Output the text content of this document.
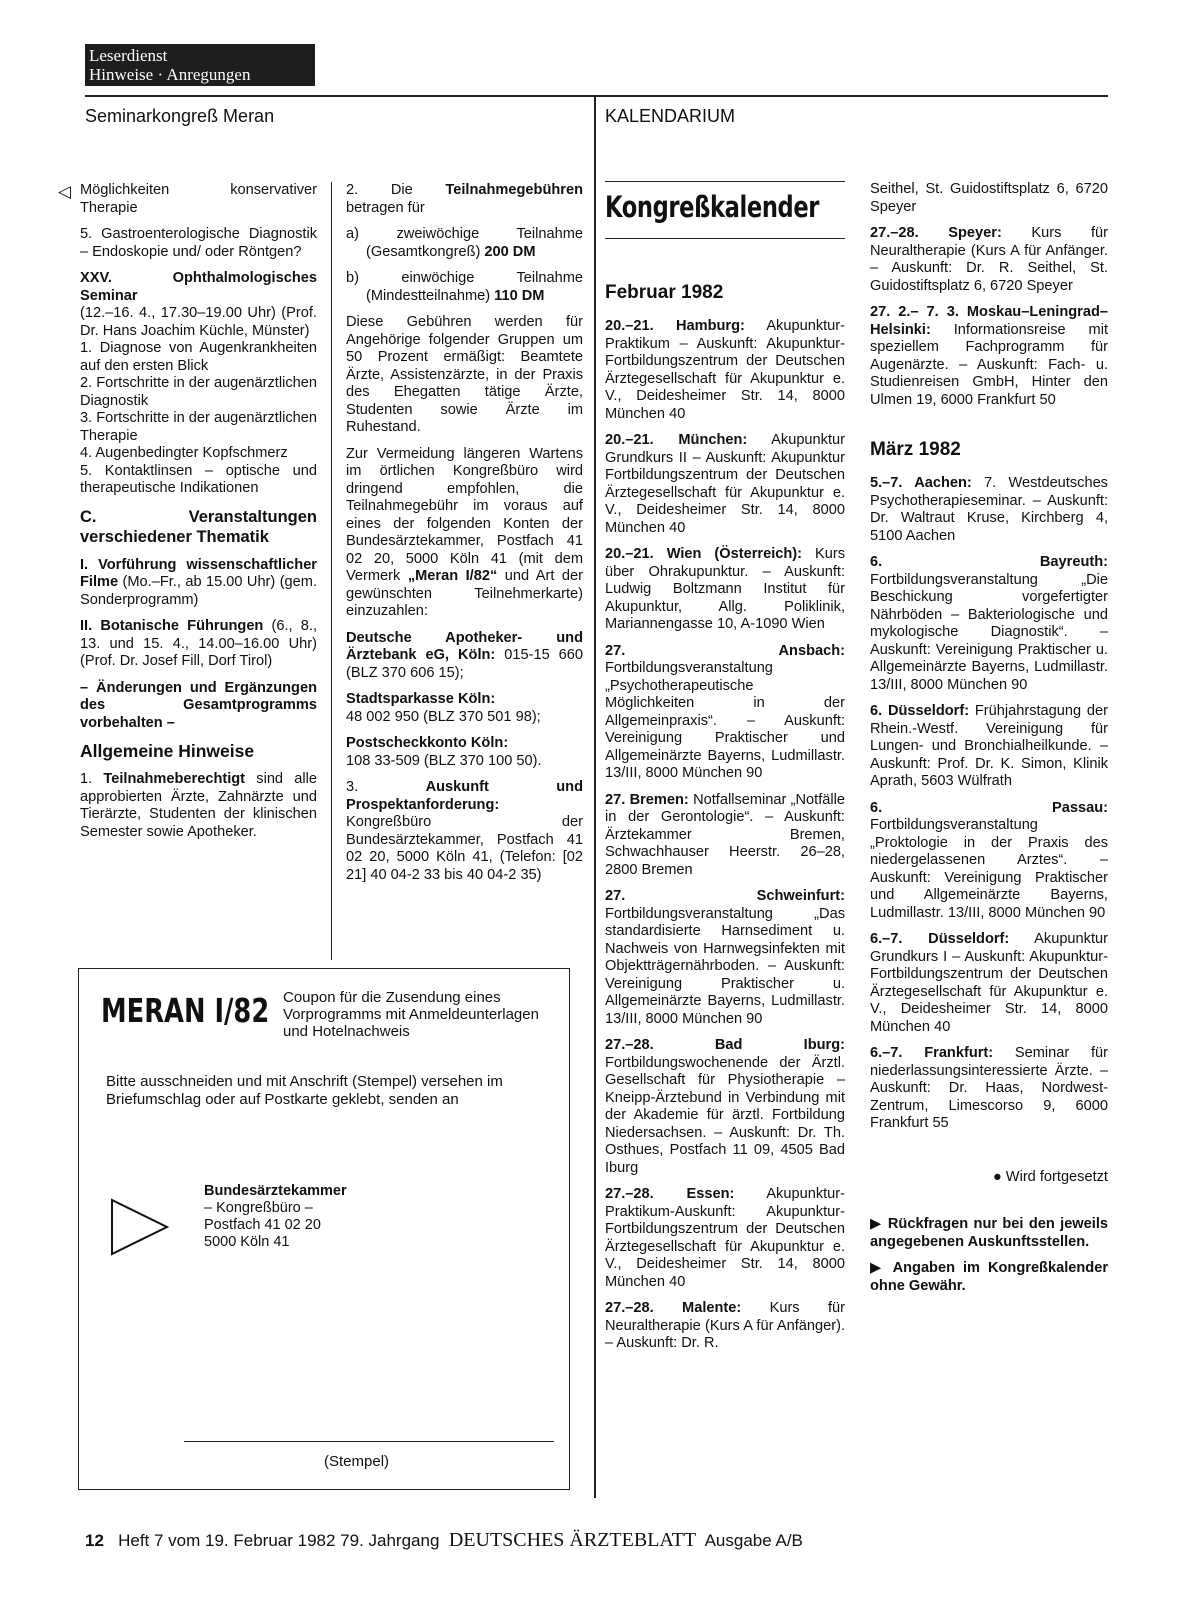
Leserdienst
Hinweise · Anregungen
Seminarkongreß Meran	KALENDARIUM

◁ Möglichkeiten konservativer Therapie

5. Gastroenterologische Diagnostik – Endoskopie und/ oder Röntgen?

XXV. Ophthalmologisches Seminar

(12.–16. 4., 17.30–19.00 Uhr) (Prof. Dr. Hans Joachim Küchle, Münster)

1. Diagnose von Augenkrankheiten auf den ersten Blick

2. Fortschritte in der augenärztlichen Diagnostik

3. Fortschritte in der augenärztlichen Therapie

4. Augenbedingter Kopfschmerz

5. Kontaktlinsen – optische und therapeutische Indikationen

C. Veranstaltungen verschiedener Thematik

I. Vorführung wissenschaftlicher Filme (Mo.–Fr., ab 15.00 Uhr) (gem. Sonderprogramm)

II. Botanische Führungen (6., 8., 13. und 15. 4., 14.00–16.00 Uhr) (Prof. Dr. Josef Fill, Dorf Tirol)

– Änderungen und Ergänzungen des Gesamtprogramms vorbehalten –

Allgemeine Hinweise

1. Teilnahmeberechtigt sind alle approbierten Ärzte, Zahnärzte und Tierärzte, Studenten der klinischen Semester sowie Apotheker.

2. Die Teilnahmegebühren betragen für

a) zweiwöchige Teilnahme (Gesamtkongreß) 200 DM

b) einwöchige Teilnahme (Mindestteilnahme) 110 DM

Diese Gebühren werden für Angehörige folgender Gruppen um 50 Prozent ermäßigt: Beamtete Ärzte, Assistenzärzte, in der Praxis des Ehegatten tätige Ärzte, Studenten sowie Ärzte im Ruhestand.

Zur Vermeidung längeren Wartens im örtlichen Kongreßbüro wird dringend empfohlen, die Teilnahmegebühr im voraus auf eines der folgenden Konten der Bundesärztekammer, Postfach 41 02 20, 5000 Köln 41 (mit dem Vermerk „Meran I/82“ und Art der gewünschten Teilnehmerkarte) einzuzahlen:

Deutsche Apotheker- und Ärztebank eG, Köln: 015-15 660 (BLZ 370 606 15);

Stadtsparkasse Köln:
48 002 950 (BLZ 370 501 98);

Postscheckkonto Köln:
108 33-509 (BLZ 370 100 50).

3. Auskunft und Prospektanforderung: Kongreßbüro der Bundesärztekammer, Postfach 41 02 20, 5000 Köln 41, (Telefon: [02 21] 40 04-2 33 bis 40 04-2 35)

MERAN I/82 Coupon für die Zusendung eines Vorprogramms mit Anmeldeunterlagen und Hotelnachweis
Bitte ausschneiden und mit Anschrift (Stempel) versehen im Briefumschlag oder auf Postkarte geklebt, senden an
Bundesärztekammer
– Kongreßbüro –
Postfach 41 02 20
5000 Köln 41
(Stempel)
Kongreßkalender

Februar 1982

20.–21. Hamburg: Akupunktur-Praktikum – Auskunft: Akupunktur-Fortbildungszentrum der Deutschen Ärztegesellschaft für Akupunktur e. V., Deidesheimer Str. 14, 8000 München 40

20.–21. München: Akupunktur Grundkurs II – Auskunft: Akupunktur Fortbildungszentrum der Deutschen Ärztegesellschaft für Akupunktur e. V., Deidesheimer Str. 14, 8000 München 40

20.–21. Wien (Österreich): Kurs über Ohrakupunktur. – Auskunft: Ludwig Boltzmann Institut für Akupunktur, Allg. Poliklinik, Mariannengasse 10, A-1090 Wien

27. Ansbach: Fortbildungsveranstaltung „Psychotherapeutische Möglichkeiten in der Allgemeinpraxis“. – Auskunft: Vereinigung Praktischer und Allgemeinärzte Bayerns, Ludmillastr. 13/III, 8000 München 90

27. Bremen: Notfallseminar „Notfälle in der Gerontologie“. – Auskunft: Ärztekammer Bremen, Schwachhauser Heerstr. 26–28, 2800 Bremen

27. Schweinfurt: Fortbildungsveranstaltung „Das standardisierte Harnsediment u. Nachweis von Harnwegsinfekten mit Objektträgernährboden. – Auskunft: Vereinigung Praktischer u. Allgemeinärzte Bayerns, Ludmillastr. 13/III, 8000 München 90

27.–28. Bad Iburg: Fortbildungswochenende der Ärztl. Gesellschaft für Physiotherapie – Kneipp-Ärztebund in Verbindung mit der Akademie für ärztl. Fortbildung Niedersachsen. – Auskunft: Dr. Th. Osthues, Postfach 11 09, 4505 Bad Iburg

27.–28. Essen: Akupunktur-Praktikum-Auskunft: Akupunktur-Fortbildungszentrum der Deutschen Ärztegesellschaft für Akupunktur e. V., Deidesheimer Str. 14, 8000 München 40

27.–28. Malente: Kurs für Neuraltherapie (Kurs A für Anfänger). – Auskunft: Dr. R.

Seithel, St. Guidostiftsplatz 6, 6720 Speyer

27.–28. Speyer: Kurs für Neuraltherapie (Kurs A für Anfänger. – Auskunft: Dr. R. Seithel, St. Guidostiftsplatz 6, 6720 Speyer

27. 2.– 7. 3. Moskau–Leningrad–Helsinki: Informationsreise mit speziellem Fachprogramm für Augenärzte. – Auskunft: Fach- u. Studienreisen GmbH, Hinter den Ulmen 19, 6000 Frankfurt 50

März 1982

5.–7. Aachen: 7. Westdeutsches Psychotherapieseminar. – Auskunft: Dr. Waltraut Kruse, Kirchberg 4, 5100 Aachen

6. Bayreuth: Fortbildungsveranstaltung „Die Beschickung vorgefertigter Nährböden – Bakteriologische und mykologische Diagnostik“. – Auskunft: Vereinigung Praktischer u. Allgemeinärzte Bayerns, Ludmillastr. 13/III, 8000 München 90

6. Düsseldorf: Frühjahrstagung der Rhein.-Westf. Vereinigung für Lungen- und Bronchialheilkunde. – Auskunft: Prof. Dr. K. Simon, Klinik Aprath, 5603 Wülfrath

6. Passau: Fortbildungsveranstaltung „Proktologie in der Praxis des niedergelassenen Arztes“. – Auskunft: Vereinigung Praktischer und Allgemeinärzte Bayerns, Ludmillastr. 13/III, 8000 München 90

6.–7. Düsseldorf: Akupunktur Grundkurs I – Auskunft: Akupunktur-Fortbildungszentrum der Deutschen Ärztegesellschaft für Akupunktur e. V., Deidesheimer Str. 14, 8000 München 40

6.–7. Frankfurt: Seminar für niederlassungsinteressierte Ärzte. – Auskunft: Dr. Haas, Nordwest-Zentrum, Limescorso 9, 6000 Frankfurt 55

● Wird fortgesetzt

▶ Rückfragen nur bei den jeweils angegebenen Auskunftsstellen.

▶ Angaben im Kongreßkalender ohne Gewähr.

12 Heft 7 vom 19. Februar 1982 79. Jahrgang DEUTSCHES ÄRZTEBLATT Ausgabe A/B
